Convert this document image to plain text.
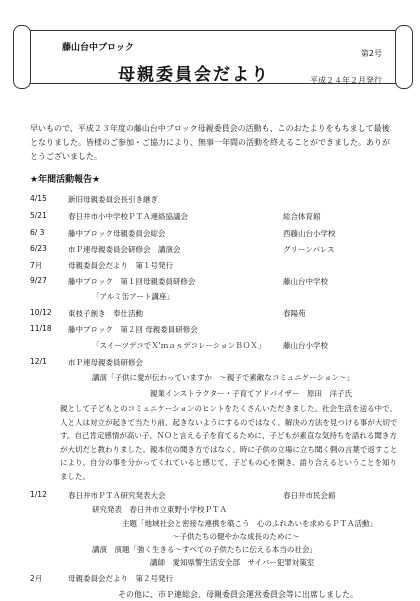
藤山台中ブロック
第2号
母親委員会だより	平成２４年２月発行
早いもので、平成２３年度の藤山台中ブロック母親委員会の活動も、このおたよりをもちまして最後となりました。皆様のご参加・ご協力により、無事一年間の活動を終えることができました。ありがとうございました。
★年間活動報告★
4/15	新旧母親委員会長引き継ぎ
5/21	春日井市小中学校ＰＴＡ連絡協議会	総合体育館
6/ 3	藤中ブロック母親委員会総会	西藤山台小学校
6/23	市Ｐ連母親委員会研修会　講演会	グリーンパレス
7月	母親委員会だより　第１号発行
9/27	藤中ブロック　第１回母親委員研修会	藤山台中学校
「アルミ缶アート講座」
10/12 東枝子創き　奉仕活動	春陽苑
11/18 藤中ブロック　第２回 母親委員研修会
「スイーツデコでＸ'ｍａｓデコレーションＢＯＸ」 藤山台小学校
12/1	市Ｐ連母親委員研修会
講演「子供に愛が伝わっていますか　～親子で素敵なコミュニケーション～」
親業インストラクター・子育てアドバイザー　原田　洋子氏
親として子どもとのコミュニケーションのヒントをたくさんいただきました。社会生活を送る中で、人と人は対立が起きて当たり前、起きないようにするのではなく、解決の方法を見つける事が大切です。自己肯定感情が高い子、ＮＯと言える子を育てるために、子どもが素直な気持ちを語れる聞き方が大切だと教わりました。親本位の聞き方ではなく、時に子供の立場に立ち聞く側の言葉で返すことにより、自分の事を分かってくれていると感じて、子どもの心を開き、語り合えるということを知りました。
1/12	春日井市ＰＴＡ研究発表大会	春日井市民会館
研究発表　春日井市立東野小学校ＰＴＡ
主題「地域社会と密接な連携を築こう　心のふれあいを求めるＰＴＡ活動」
～子供たちの健やかな成長のために～
講演　演題「強く生きる～すべての子供たちに伝える本当の社会」
講師　愛知県警生活安全部　サイバー犯罪対策室
2月	母親委員会だより　第２号発行
その他に、市Ｐ連総会、母親委員会運営委員会等に出席しました。
